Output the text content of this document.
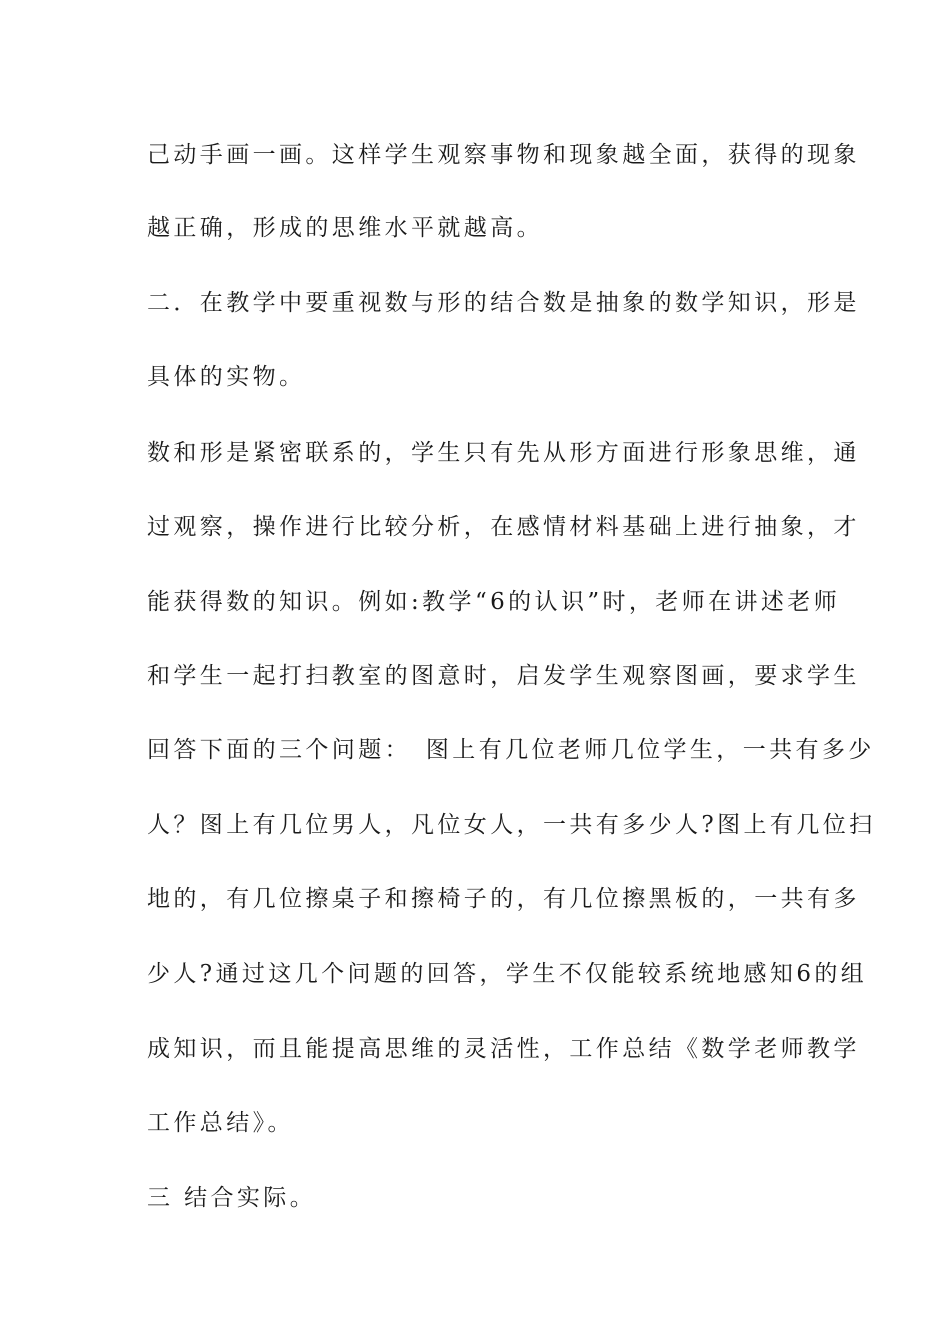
己动手画一画。这样学生观察事物和现象越全面，获得的现象
越正确，形成的思维水平就越高。
二．在教学中要重视数与形的结合数是抽象的数学知识，形是
具体的实物。
数和形是紧密联系的，学生只有先从形方面进行形象思维，通
过观察，操作进行比较分析，在感情材料基础上进行抽象，才
能获得数的知识。例如:教学“6的认识”时，老师在讲述老师
和学生一起打扫教室的图意时，启发学生观察图画，要求学生
回答下面的三个问题：　图上有几位老师几位学生，一共有多少
人？图上有几位男人，凡位女人，一共有多少人?图上有几位扫
地的，有几位擦桌子和擦椅子的，有几位擦黑板的，一共有多
少人?通过这几个问题的回答，学生不仅能较系统地感知6的组
成知识，而且能提高思维的灵活性，工作总结《数学老师教学
工作总结》。
三 结合实际。
